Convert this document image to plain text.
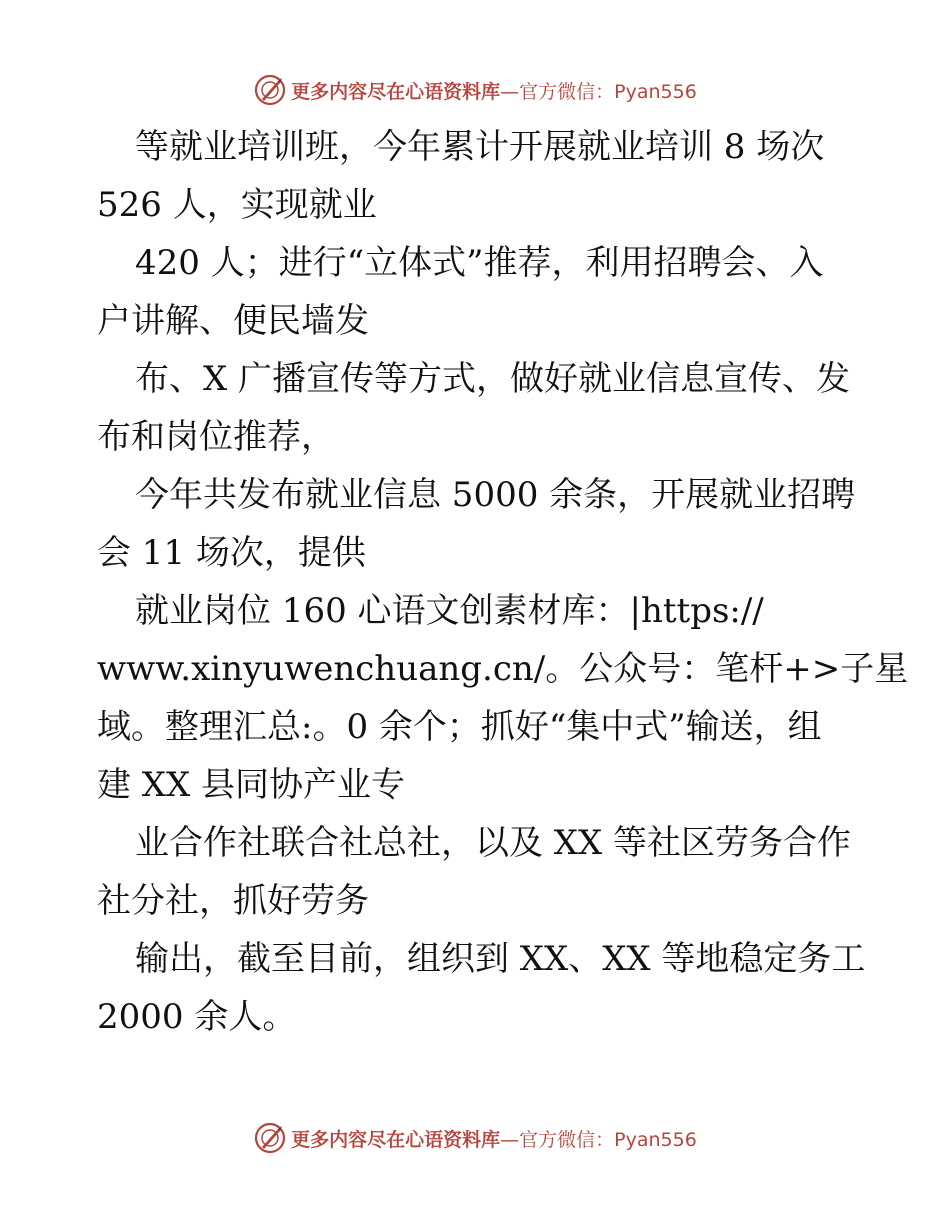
更多内容尽在心语资料库 —官方微信：Pyan556
等就业培训班，今年累计开展就业培训 8 场次
526 人，实现就业
420 人；进行“立体式”推荐，利用招聘会、入
户讲解、便民墙发
布、X 广播宣传等方式，做好就业信息宣传、发
布和岗位推荐，
今年共发布就业信息 5000 余条，开展就业招聘
会 11 场次，提供
就业岗位 160 心语文创素材库：|https://
www.xinyuwenchuang.cn/。公众号：笔杆+>子星
域。整理汇总:。0 余个；抓好“集中式”输送，组
建 XX 县同协产业专
业合作社联合社总社，以及 XX 等社区劳务合作
社分社，抓好劳务
输出，截至目前，组织到 XX、XX 等地稳定务工
2000 余人。
更多内容尽在心语资料库 —官方微信：Pyan556
